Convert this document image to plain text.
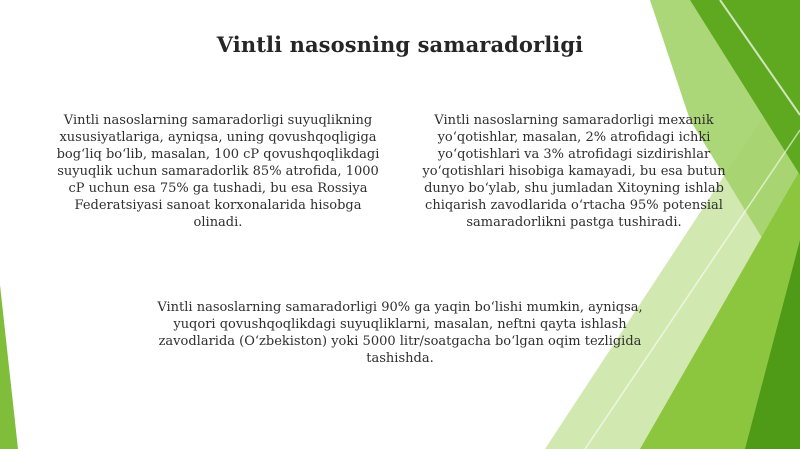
Vintli nasosning samaradorligi
Vintli nasoslarning samaradorligi suyuqlikning xususiyatlariga, ayniqsa, uning qovushqoqligiga bog‘liq bo‘lib, masalan, 100 cP qovushqoqlikdagi suyuqlik uchun samaradorlik 85% atrofida, 1000 cP uchun esa 75% ga tushadi, bu esa Rossiya Federatsiyasi sanoat korxonalarida hisobga olinadi.
Vintli nasoslarning samaradorligi mexanik yo‘qotishlar, masalan, 2% atrofidagi ichki yo‘qotishlari va 3% atrofidagi sizdirishlar yo‘qotishlari hisobiga kamayadi, bu esa butun dunyo bo‘ylab, shu jumladan Xitoyning ishlab chiqarish zavodlarida o‘rtacha 95% potensial samaradorlikni pastga tushiradi.
Vintli nasoslarning samaradorligi 90% ga yaqin bo‘lishi mumkin, ayniqsa, yuqori qovushqoqlikdagi suyuqliklarni, masalan, neftni qayta ishlash zavodlarida (O‘zbekiston) yoki 5000 litr/soatgacha bo‘lgan oqim tezligida tashishda.
